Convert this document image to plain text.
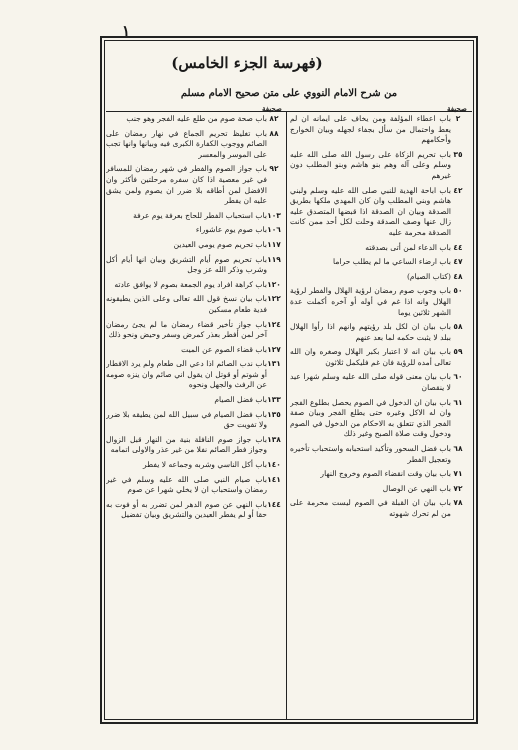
١
(فهرسة الجزء الخامس)
من شرح الامام النووي على متن صحيح الامام مسلم
صحيفة
صحيفة
٢
باب اعطاء المؤلفة ومن يخاف على ايمانه ان لم يعط واحتمال من سأل بجفاء لجهله وبيان الخوارج وأحكامهم
٣٥
باب تحريم الزكاة على رسول الله صلى الله عليه وسلم وعلى آله وهم بنو هاشم وبنو المطلب دون غيرهم
٤٢
باب اباحة الهدية للنبي صلى الله عليه وسلم ولبني هاشم وبني المطلب وان كان المهدي ملكها بطريق الصدقة وبيان ان الصدقة اذا قبضها المتصدق عليه زال عنها وصف الصدقة وحلت لكل أحد ممن كانت الصدقة محرمة عليه
٤٤
باب الدعاء لمن أتى بصدقته
٤٧
باب ارضاء الساعي ما لم يطلب حراما
٤٨
(كتاب الصيام)
٥٠
باب وجوب صوم رمضان لرؤية الهلال والفطر لرؤية الهلال وانه اذا غم في أوله أو آخره أكملت عدة الشهر ثلاثين يوما
٥٨
باب بيان ان لكل بلد رؤيتهم وانهم اذا رأوا الهلال ببلد لا يثبت حكمه لما بعد عنهم
٥٩
باب بيان انه لا اعتبار بكبر الهلال وصغره وان الله تعالى أمده للرؤية فان غم فليكمل ثلاثون
٦٠
باب بيان معنى قوله صلى الله عليه وسلم شهرا عيد لا ينقصان
٦١
باب بيان ان الدخول في الصوم يحصل بطلوع الفجر وان له الاكل وغيره حتى يطلع الفجر وبيان صفة الفجر الذي تتعلق به الاحكام من الدخول في الصوم ودخول وقت صلاة الصبح وغير ذلك
٦٨
باب فضل السحور وتأكيد استحبابه واستحباب تأخيره وتعجيل الفطر
٧١
باب بيان وقت انقضاء الصوم وخروج النهار
٧٢
باب النهي عن الوصال
٧٨
باب بيان ان القبلة في الصوم ليست محرمة على من لم تحرك شهوته
٨٢
باب صحة صوم من طلع عليه الفجر وهو جنب
٨٨
باب تغليظ تحريم الجماع في نهار رمضان على الصائم ووجوب الكفارة الكبرى فيه وبيانها وانها تجب على الموسر والمعسر
٩٢
باب جواز الصوم والفطر في شهر رمضان للمسافر في غير معصية اذا كان سفره مرحلتين فأكثر وان الافضل لمن أطاقه بلا ضرر ان يصوم ولمن يشق عليه ان يفطر
١٠٣
باب استحباب الفطر للحاج بعرفة يوم عرفة
١٠٦
باب صوم يوم عاشوراء
١١٧
باب تحريم صوم يومي العيدين
١١٩
باب تحريم صوم أيام التشريق وبيان انها أيام أكل وشرب وذكر الله عز وجل
١٢٠
باب كراهة افراد يوم الجمعة بصوم لا يوافق عادته
١٢٢
باب بيان نسخ قول الله تعالى وعلى الذين يطيقونه فدية طعام مسكين
١٢٤
باب جواز تأخير قضاء رمضان ما لم يجئ رمضان آخر لمن أفطر بعذر كمرض وسفر وحيض ونحو ذلك
١٢٧
باب قضاء الصوم عن الميت
١٣١
باب ندب الصائم اذا دعي الى طعام ولم يرد الافطار أو شوتم أو قوتل ان يقول اني صائم وان ينزه صومه عن الرفث والجهل ونحوه
١٣٣
باب فضل الصيام
١٣٥
باب فضل الصيام في سبيل الله لمن يطيقه بلا ضرر ولا تفويت حق
١٣٨
باب جواز صوم النافلة بنية من النهار قبل الزوال وجواز فطر الصائم نفلا من غير عذر والاولى اتمامه
١٤٠
باب أكل الناسي وشربه وجماعه لا يفطر
١٤١
باب صيام النبي صلى الله عليه وسلم في غير رمضان واستحباب ان لا يخلي شهرا عن صوم
١٤٤
باب النهي عن صوم الدهر لمن تضرر به أو فوت به حقا أو لم يفطر العيدين والتشريق وبيان تفضيل
